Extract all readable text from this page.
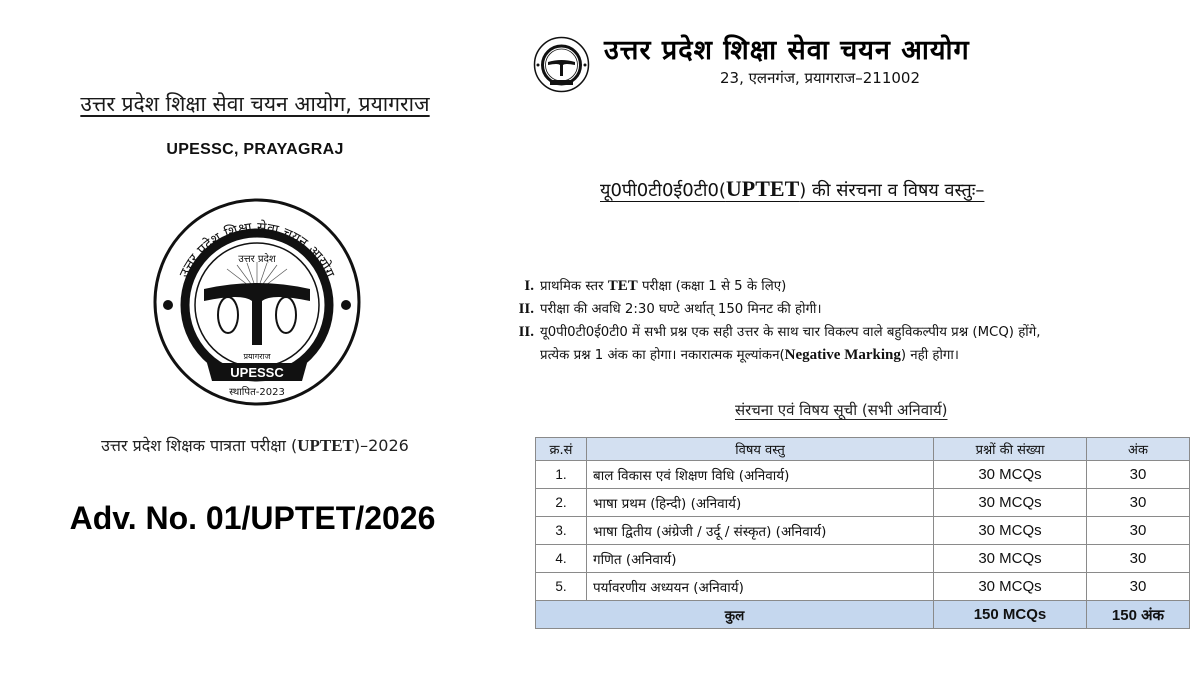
उत्तर प्रदेश शिक्षा सेवा चयन आयोग, प्रयागराज
UPESSC, PRAYAGRAJ
उत्तर प्रदेश शिक्षा सेवा चयन आयोग
उत्तर प्रदेश
प्रयागराज
UPESSC
स्थापित-2023
उत्तर प्रदेश शिक्षक पात्रता परीक्षा (UPTET)–2026
Adv. No. 01/UPTET/2026
उत्तर प्रदेश शिक्षा सेवा चयन आयोग
23, एलनगंज, प्रयागराज–211002
यू0पी0टी0ई0टी0(UPTET) की संरचना व विषय वस्तुः–
I. प्राथमिक स्तर TET परीक्षा (कक्षा 1 से 5 के लिए)
II. परीक्षा की अवधि 2:30 घण्टे अर्थात् 150 मिनट की होगी।
II. यू0पी0टी0ई0टी0 में सभी प्रश्न एक सही उत्तर के साथ चार विकल्प वाले बहुविकल्पीय प्रश्न (MCQ) होंगे,
प्रत्येक प्रश्न 1 अंक का होगा। नकारात्मक मूल्यांकन(Negative Marking) नही होगा।
संरचना एवं विषय सूची (सभी अनिवार्य)
क्र.सं	विषय वस्तु	प्रश्नों की संख्या	अंक
1.	बाल विकास एवं शिक्षण विधि (अनिवार्य)	30 MCQs	30
2.	भाषा प्रथम (हिन्दी) (अनिवार्य)	30 MCQs	30
3.	भाषा द्वितीय (अंग्रेजी / उर्दू / संस्कृत) (अनिवार्य)	30 MCQs	30
4.	गणित (अनिवार्य)	30 MCQs	30
5.	पर्यावरणीय अध्ययन (अनिवार्य)	30 MCQs	30
कुल		150 MCQs	150 अंक
